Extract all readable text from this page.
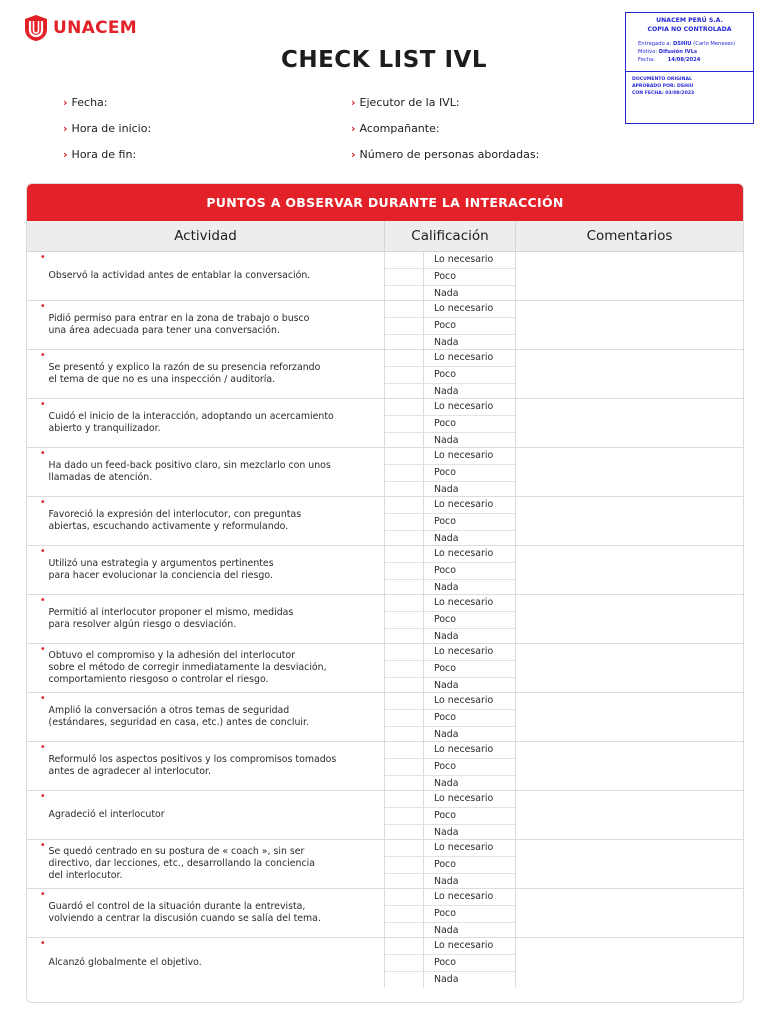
UNACEM
CHECK LIST IVL
UNACEM PERÚ S.A.
COPIA NO CONTROLADA
Entregado a: DSHIU (Carlo Meneses)
Motivo: Difusión IVLs
Fecha: 14/08/2024
DOCUMENTO ORIGINAL
APROBADO POR: DSHIU
CON FECHA: 03/08/2023
› Fecha:
› Hora de inicio:
› Hora de fin:
› Ejecutor de la IVL:
› Acompañante:
› Número de personas abordadas:
PUNTOS A OBSERVAR DURANTE LA INTERACCIÓN
Actividad	Calificación	Comentarios
•
Observó la actividad antes de entablar la conversación.
Lo necesario
Poco
Nada
•
Pidió permiso para entrar en la zona de trabajo o busco
una área adecuada para tener una conversación.
Lo necesario
Poco
Nada
•
Se presentó y explico la razón de su presencia reforzando
el tema de que no es una inspección / auditoría.
Lo necesario
Poco
Nada
•
Cuidó el inicio de la interacción, adoptando un acercamiento
abierto y tranquilizador.
Lo necesario
Poco
Nada
•
Ha dado un feed-back positivo claro, sin mezclarlo con unos
llamadas de atención.
Lo necesario
Poco
Nada
•
Favoreció la expresión del interlocutor, con preguntas
abiertas, escuchando activamente y reformulando.
Lo necesario
Poco
Nada
•
Utilizó una estrategia y argumentos pertinentes
para hacer evolucionar la conciencia del riesgo.
Lo necesario
Poco
Nada
•
Permitió al interlocutor proponer el mismo, medidas
para resolver algún riesgo o desviación.
Lo necesario
Poco
Nada
•
Obtuvo el compromiso y la adhesión del interlocutor
sobre el método de corregir inmediatamente la desviación,
comportamiento riesgoso o controlar el riesgo.
Lo necesario
Poco
Nada
•
Amplió la conversación a otros temas de seguridad
(estándares, seguridad en casa, etc.) antes de concluir.
Lo necesario
Poco
Nada
•
Reformuló los aspectos positivos y los compromisos tomados
antes de agradecer al interlocutor.
Lo necesario
Poco
Nada
•
Agradeció el interlocutor
Lo necesario
Poco
Nada
•
Se quedó centrado en su postura de « coach », sin ser
directivo, dar lecciones, etc., desarrollando la conciencia
del interlocutor.
Lo necesario
Poco
Nada
•
Guardó el control de la situación durante la entrevista,
volviendo a centrar la discusión cuando se salía del tema.
Lo necesario
Poco
Nada
•
Alcanzó globalmente el objetivo.
Lo necesario
Poco
Nada
